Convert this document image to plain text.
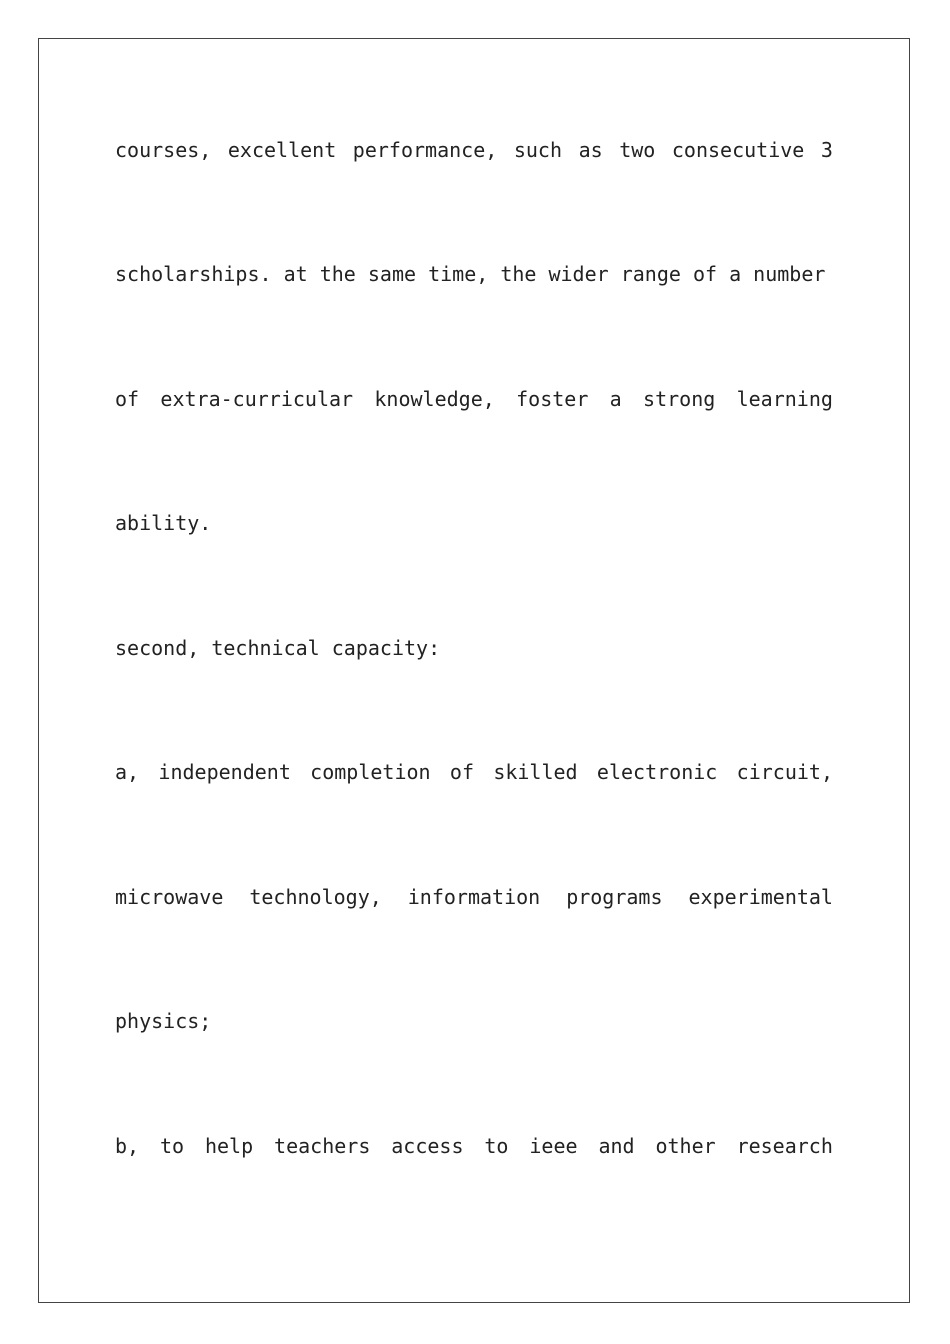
courses, excellent performance, such as two consecutive 3
scholarships. at the same time, the wider range of a number
of extra-curricular knowledge, foster a strong learning
ability.
second, technical capacity:
a, independent completion of skilled electronic circuit,
microwave technology, information programs experimental
physics;
b, to help teachers access to ieee and other research
